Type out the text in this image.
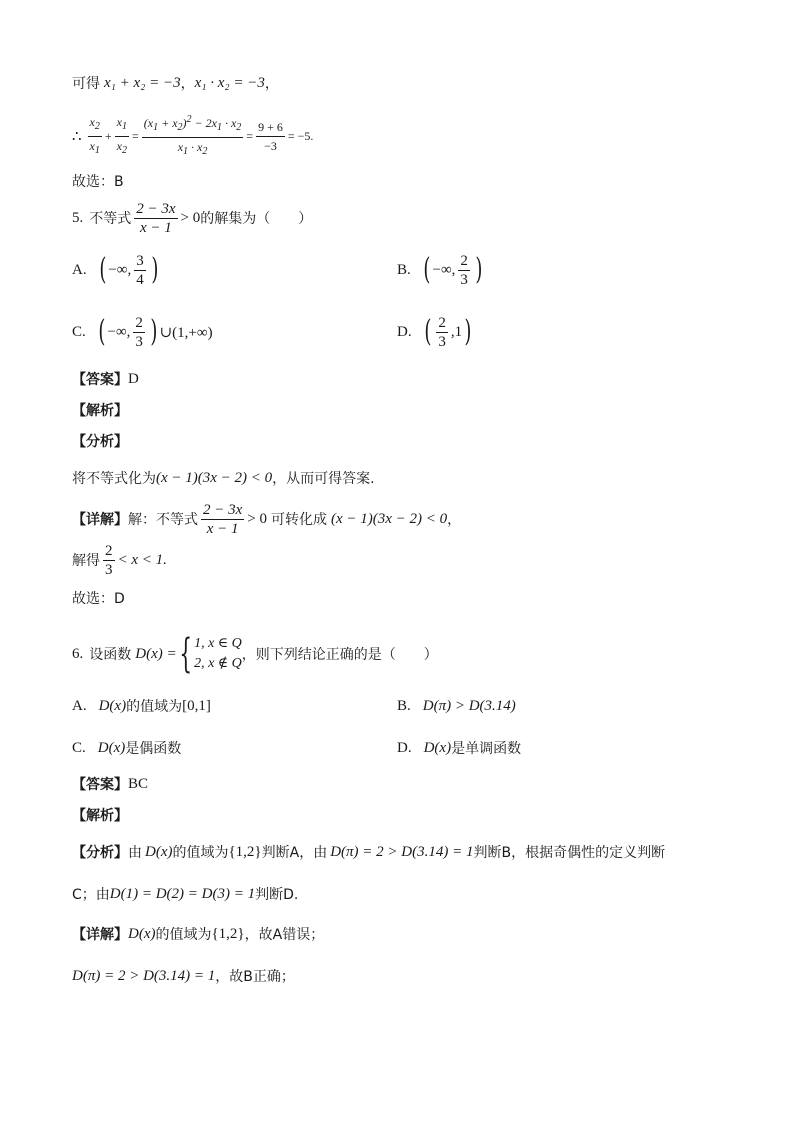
可得 x₁ + x₂ = −3 ， x₁ · x₂ = −3 ，
∴ $\frac{x_2}{x_1} + \frac{x_1}{x_2} = \frac{(x_1 + x_2)^2 - 2x_1 \cdot x_2}{x_1 \cdot x_2} = \frac{9 + 6}{-3} = -5$.
故选：B
5. 不等式 $\frac{2 - 3x}{x - 1} > 0$ 的解集为（　　）
A. ( −∞, $\frac{3}{4}$ )	B. ( −∞, $\frac{2}{3}$ )
C. ( −∞, $\frac{2}{3}$ ) ∪(1,+∞)	D. ( $\frac{2}{3} ,1$ )
【答案】 D
【解析】
【分析】
将不等式化为 (x − 1)(3x − 2) < 0 ，从而可得答案.
【详解】 解：不等式 $\frac{2 - 3x}{x - 1} > 0$ 可转化成 (x − 1)(3x − 2) < 0 ，
解得 $\frac{2}{3} < x < 1$.
故选：D
6. 设函数 D(x) = { 1, x ∈ Q
2, x ∉ Q
，则下列结论正确的是（　　）
A. D(x) 的值域为 [0,1]	B. D(π) > D(3.14)
C. D(x) 是偶函数	D. D(x) 是单调函数
【答案】 BC
【解析】
【分析】 由 D(x) 的值域为 {1,2} 判断A，由 D(π) = 2 > D(3.14) = 1 判断B，根据奇偶性的定义判断
C；由 D(1) = D(2) = D(3) = 1 判断D.
【详解】 D(x) 的值域为 {1,2} ，故A错误；
D(π) = 2 > D(3.14) = 1 ，故B正确；
